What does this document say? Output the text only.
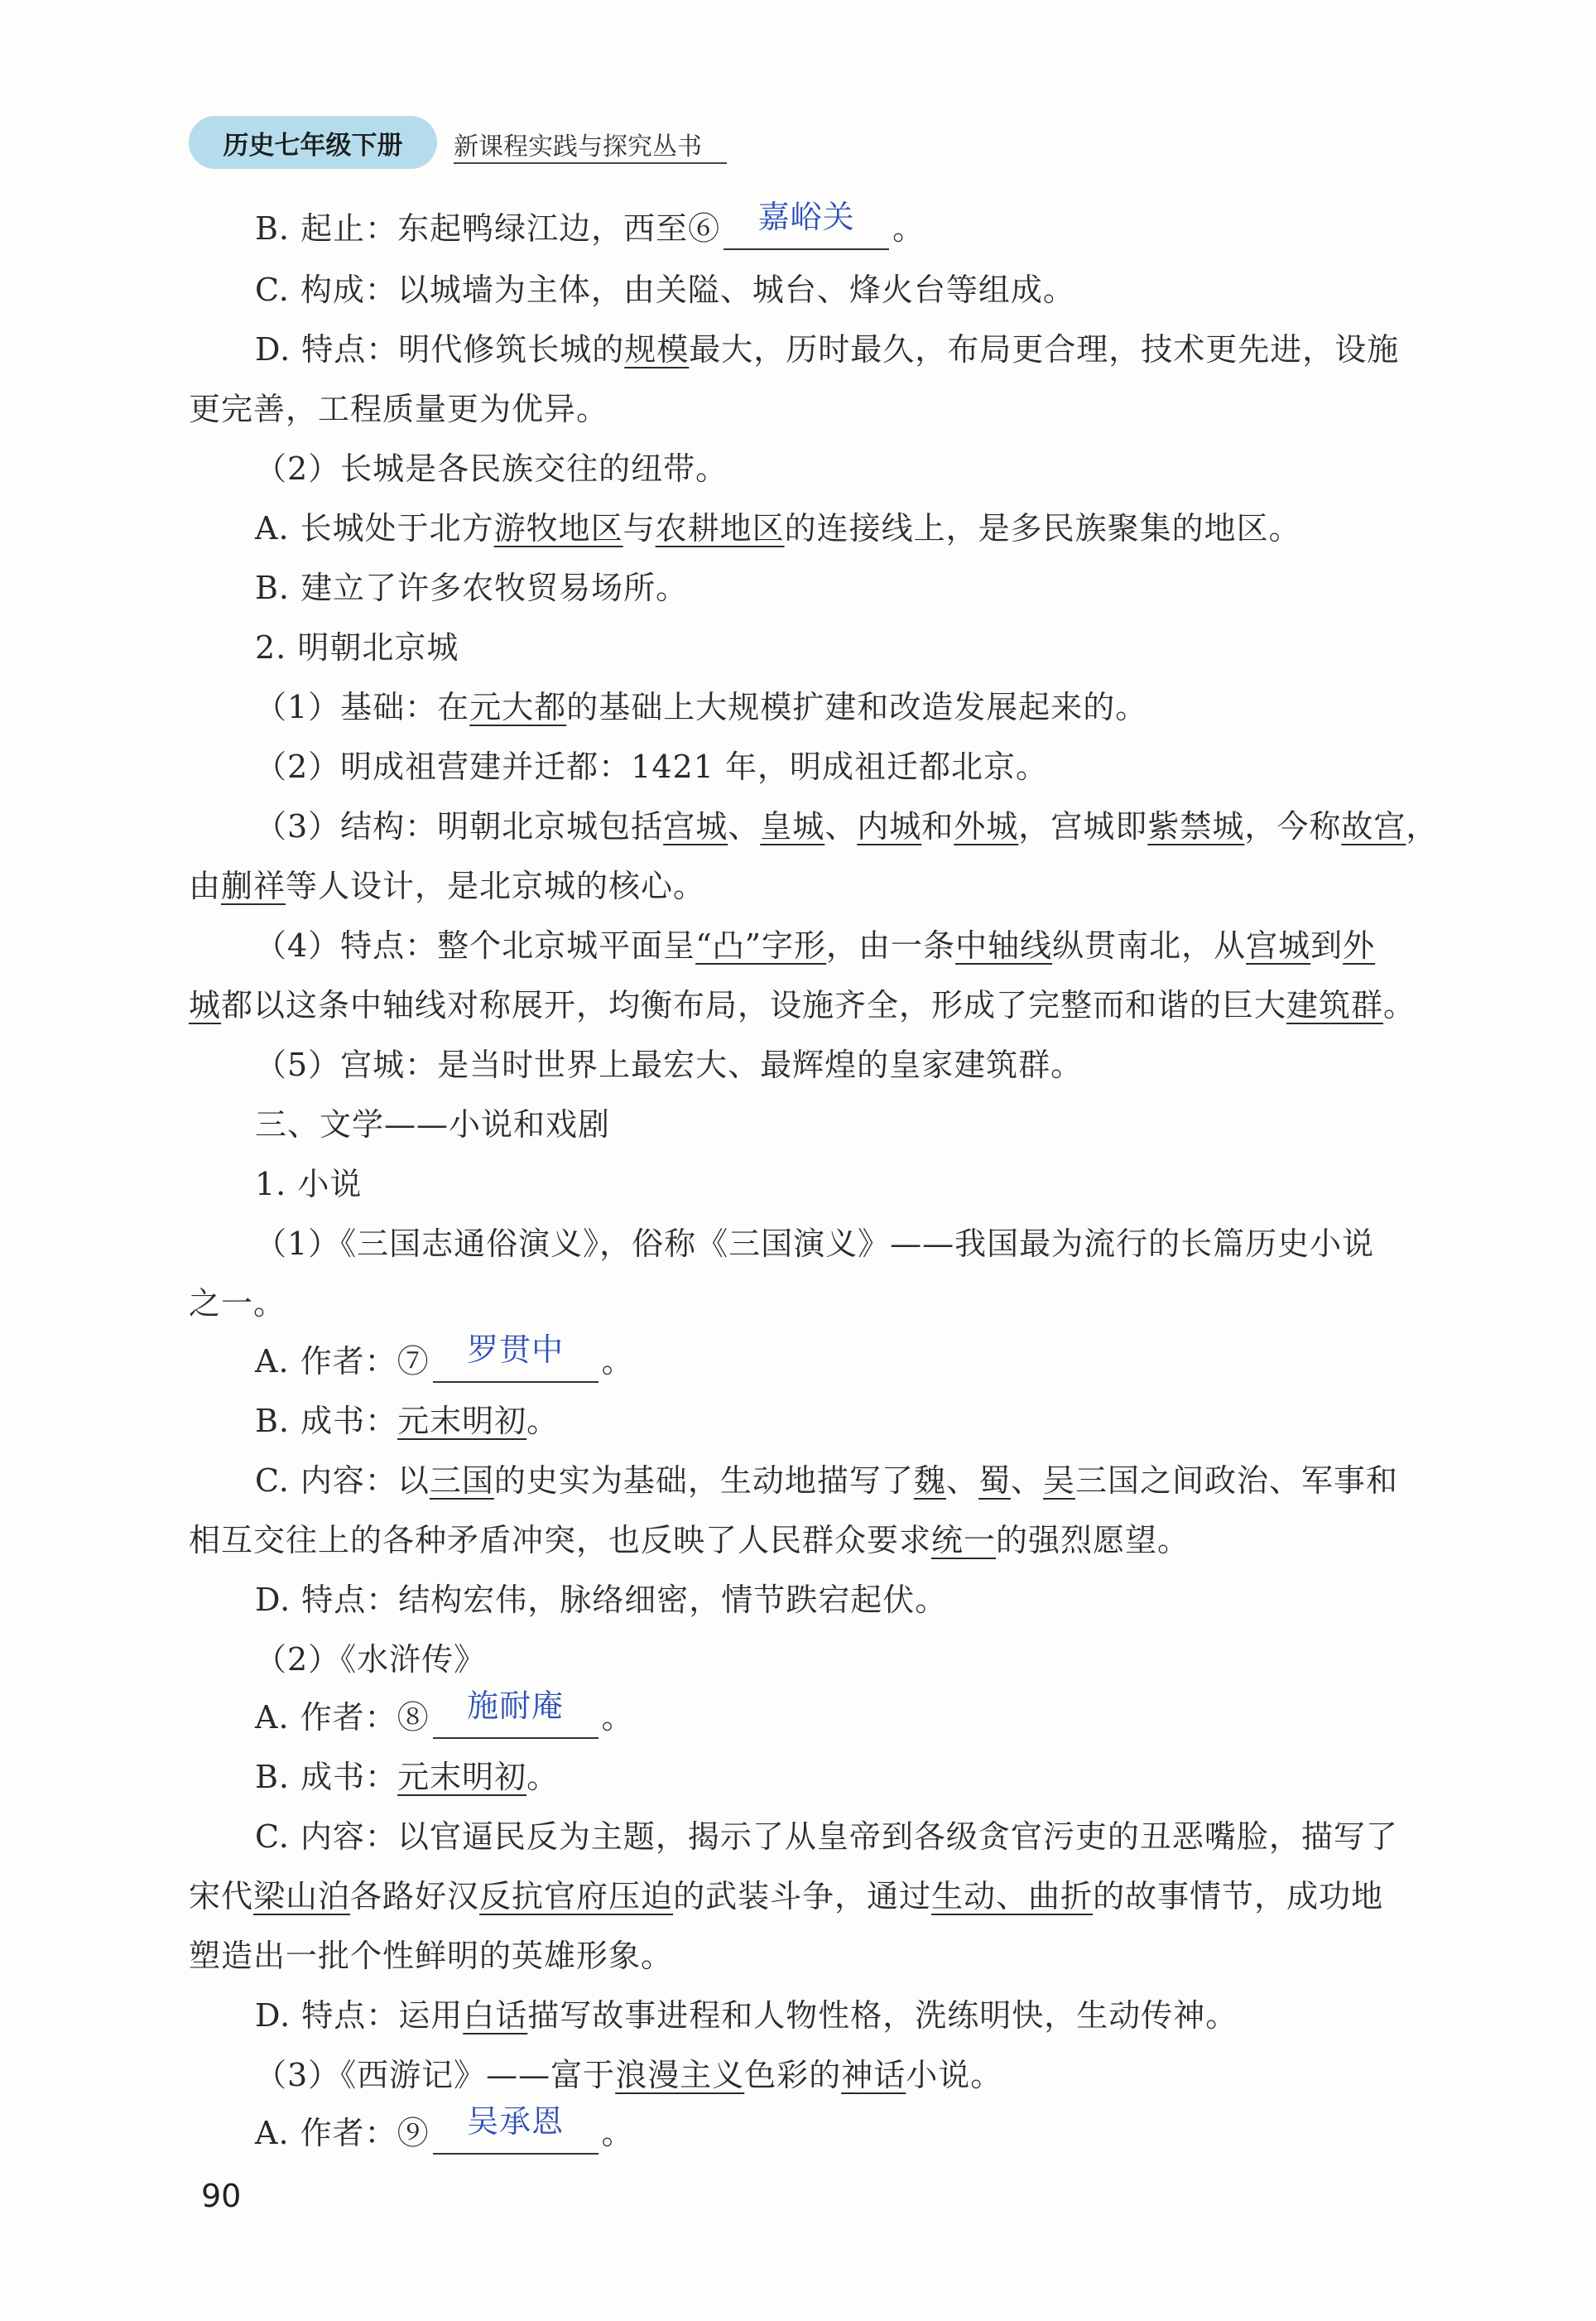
历史七年级下册 新课程实践与探究丛书
B. 起止：东起鸭绿江边，西至⑥	嘉峪关	。
C. 构成：以城墙为主体，由关隘、城台、烽火台等组成。
D. 特点：明代修筑长城的规模最大，历时最久，布局更合理，技术更先进，设施
更完善，工程质量更为优异。
（2）长城是各民族交往的纽带。
A. 长城处于北方游牧地区与农耕地区的连接线上，是多民族聚集的地区。
B. 建立了许多农牧贸易场所。
2. 明朝北京城
（1）基础：在元大都的基础上大规模扩建和改造发展起来的。
（2）明成祖营建并迁都：1421 年，明成祖迁都北京。
（3）结构：明朝北京城包括宫城、皇城、内城和外城，宫城即紫禁城，今称故宫，
由蒯祥等人设计，是北京城的核心。
（4）特点：整个北京城平面呈“凸”字形，由一条中轴线纵贯南北，从宫城到外
城都以这条中轴线对称展开，均衡布局，设施齐全，形成了完整而和谐的巨大建筑群。
（5）宫城：是当时世界上最宏大、最辉煌的皇家建筑群。
三、文学——小说和戏剧
1. 小说
（1）《三国志通俗演义》，俗称《三国演义》——我国最为流行的长篇历史小说
之一。
A. 作者：⑦	罗贯中	。
B. 成书：元末明初。
C. 内容：以三国的史实为基础，生动地描写了魏、蜀、吴三国之间政治、军事和
相互交往上的各种矛盾冲突，也反映了人民群众要求统一的强烈愿望。
D. 特点：结构宏伟，脉络细密，情节跌宕起伏。
（2）《水浒传》
A. 作者：⑧	施耐庵	。
B. 成书：元末明初。
C. 内容：以官逼民反为主题，揭示了从皇帝到各级贪官污吏的丑恶嘴脸，描写了
宋代梁山泊各路好汉反抗官府压迫的武装斗争，通过生动、曲折的故事情节，成功地
塑造出一批个性鲜明的英雄形象。
D. 特点：运用白话描写故事进程和人物性格，洗练明快，生动传神。
（3）《西游记》——富于浪漫主义色彩的神话小说。
A. 作者：⑨	吴承恩	。
90
